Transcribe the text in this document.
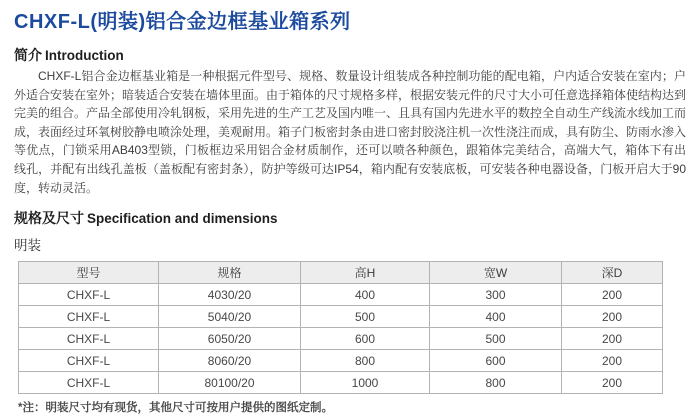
CHXF-L(明装)铝合金边框基业箱系列
简介 Introduction
CHXF-L铝合金边框基业箱是一种根据元件型号、规格、数量设计组装成各种控制功能的配电箱，户内适合安装在室内；户外适合安装在室外；暗装适合安装在墙体里面。由于箱体的尺寸规格多样，根据安装元件的尺寸大小可任意选择箱体使结构达到完美的组合。产品全部使用冷轧钢板，采用先进的生产工艺及国内唯一、且具有国内先进水平的数控全自动生产线流水线加工而成，表面经过环氧树胶静电喷涂处理，美观耐用。箱子门板密封条由进口密封胶浇注机一次性浇注而成，具有防尘、防雨水渗入等优点，门锁采用AB403型锁，门板框边采用铝合金材质制作，还可以喷各种颜色，跟箱体完美结合，高端大气，箱体下有出线孔，并配有出线孔盖板（盖板配有密封条），防护等级可达IP54，箱内配有安装底板，可安装各种电器设备，门板开启大于90度，转动灵活。
规格及尺寸 Specification and dimensions
明装
型号	规格	高H	宽W	深D
CHXF-L	4030/20	400	300	200
CHXF-L	5040/20	500	400	200
CHXF-L	6050/20	600	500	200
CHXF-L	8060/20	800	600	200
CHXF-L	80100/20	1000	800	200
*注：明装尺寸均有现货，其他尺寸可按用户提供的图纸定制。
